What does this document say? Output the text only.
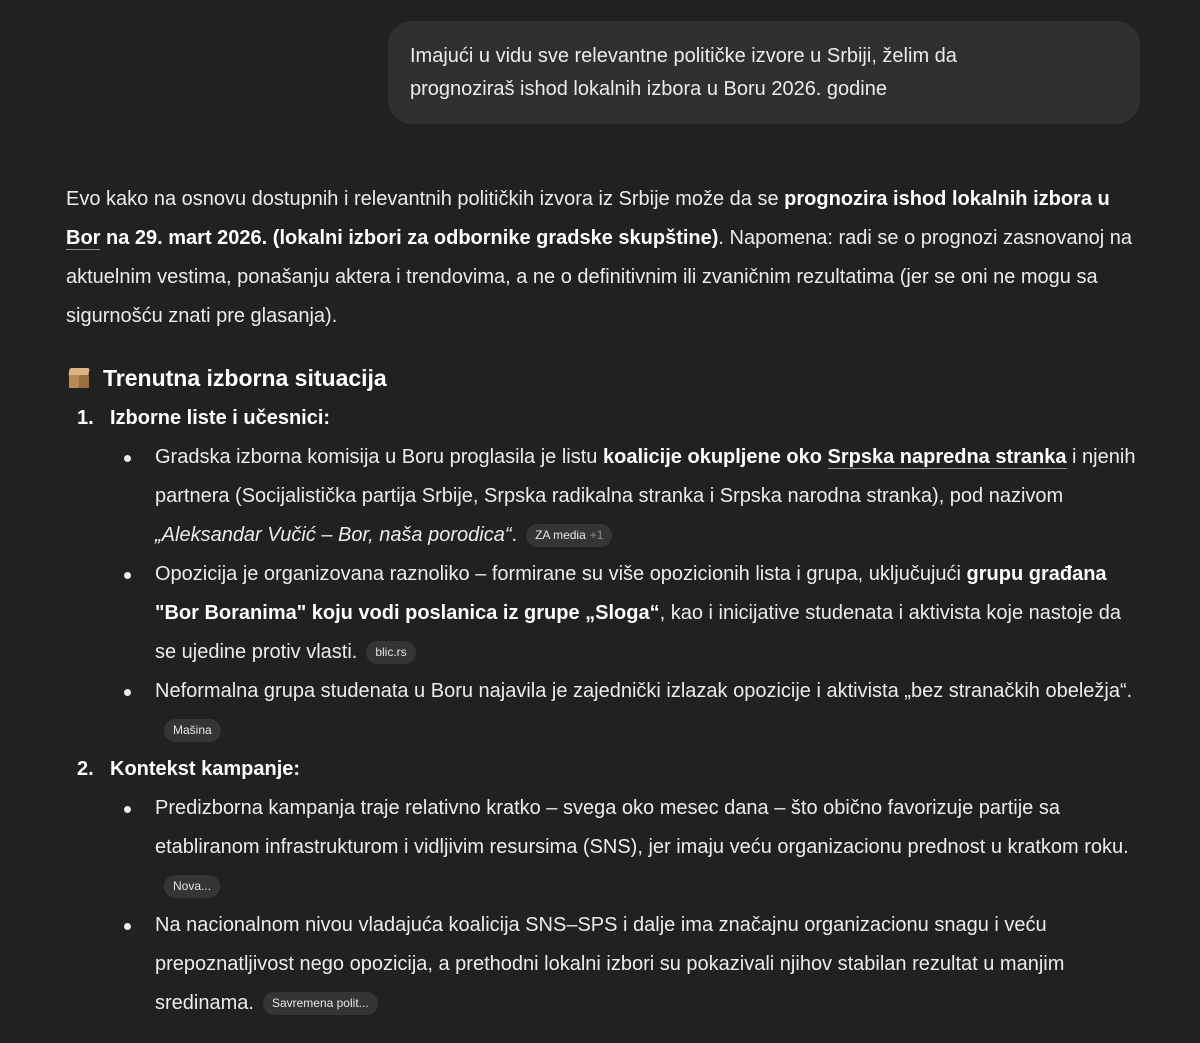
Imajući u vidu sve relevantne političke izvore u Srbiji, želim da
prognoziraš ishod lokalnih izbora u Boru 2026. godine

Evo kako na osnovu dostupnih i relevantnih političkih izvora iz Srbije može da se prognozira ishod lokalnih izbora u Bor na 29. mart 2026. (lokalni izbori za odbornike gradske skupštine). Napomena: radi se o prognozi zasnovanoj na aktuelnim vestima, ponašanju aktera i trendovima, a ne o definitivnim ili zvaničnim rezultatima (jer se oni ne mogu sa sigurnošću znati pre glasanja).

Trenutna izborna situacija
1. Izborne liste i učesnici:
Gradska izborna komisija u Boru proglasila je listu koalicije okupljene oko Srpska napredna stranka i njenih partnera (Socijalistička partija Srbije, Srpska radikalna stranka i Srpska narodna stranka), pod nazivom „Aleksandar Vučić – Bor, naša porodica“. ZA media +1
Opozicija je organizovana raznoliko – formirane su više opozicionih lista i grupa, uključujući grupu građana "Bor Boranima" koju vodi poslanica iz grupe „Sloga“, kao i inicijative studenata i aktivista koje nastoje da se ujedine protiv vlasti. blic.rs
Neformalna grupa studenata u Boru najavila je zajednički izlazak opozicije i aktivista „bez stranačkih obeležja“.Mašina
2. Kontekst kampanje:
Predizborna kampanja traje relativno kratko – svega oko mesec dana – što obično favorizuje partije sa etabliranom infrastrukturom i vidljivim resursima (SNS), jer imaju veću organizacionu prednost u kratkom roku.Nova...
Na nacionalnom nivou vladajuća koalicija SNS–SPS i dalje ima značajnu organizacionu snagu i veću prepoznatljivost nego opozicija, a prethodni lokalni izbori su pokazivali njihov stabilan rezultat u manjim sredinama. Savremena polit...
